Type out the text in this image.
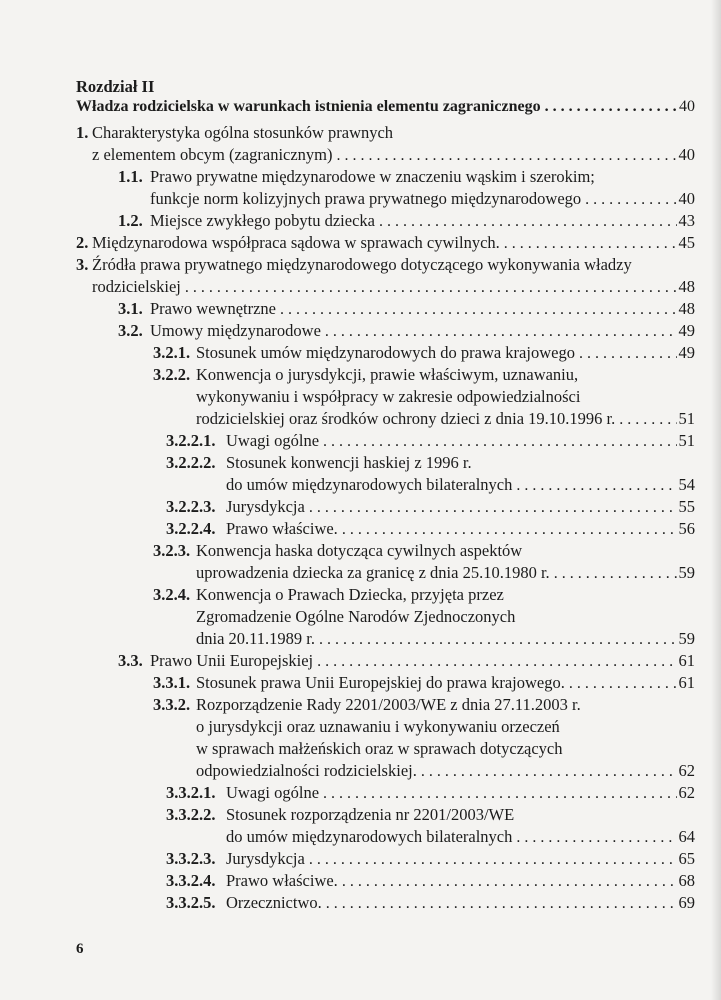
Rozdział II
Władza rodzicielska w warunkach istnienia elementu zagranicznego . . .	40
1. Charakterystyka ogólna stosunków prawnych
z elementem obcym (zagranicznym) . . .	40
1.1. Prawo prywatne międzynarodowe w znaczeniu wąskim i szerokim;
funkcje norm kolizyjnych prawa prywatnego międzynarodowego . . .	40
1.2. Miejsce zwykłego pobytu dziecka . . .	43
2. Międzynarodowa współpraca sądowa w sprawach cywilnych. . . .	45
3. Źródła prawa prywatnego międzynarodowego dotyczącego wykonywania władzy
rodzicielskiej . . .	48
3.1. Prawo wewnętrzne . . .	48
3.2. Umowy międzynarodowe . . .	49
3.2.1. Stosunek umów międzynarodowych do prawa krajowego . . .	49
3.2.2. Konwencja o jurysdykcji, prawie właściwym, uznawaniu,
wykonywaniu i współpracy w zakresie odpowiedzialności
rodzicielskiej oraz środków ochrony dzieci z dnia 19.10.1996 r. . . .	51
3.2.2.1. Uwagi ogólne . . .	51
3.2.2.2. Stosunek konwencji haskiej z 1996 r.
do umów międzynarodowych bilateralnych . . .	54
3.2.2.3. Jurysdykcja . . .	55
3.2.2.4. Prawo właściwe. . . .	56
3.2.3. Konwencja haska dotycząca cywilnych aspektów
uprowadzenia dziecka za granicę z dnia 25.10.1980 r. . . .	59
3.2.4. Konwencja o Prawach Dziecka, przyjęta przez
Zgromadzenie Ogólne Narodów Zjednoczonych
dnia 20.11.1989 r. . . .	59
3.3. Prawo Unii Europejskiej . . .	61
3.3.1. Stosunek prawa Unii Europejskiej do prawa krajowego. . . .	61
3.3.2. Rozporządzenie Rady 2201/2003/WE z dnia 27.11.2003 r.
o jurysdykcji oraz uznawaniu i wykonywaniu orzeczeń
w sprawach małżeńskich oraz w sprawach dotyczących
odpowiedzialności rodzicielskiej. . . .	62
3.3.2.1. Uwagi ogólne . . .	62
3.3.2.2. Stosunek rozporządzenia nr 2201/2003/WE
do umów międzynarodowych bilateralnych . . .	64
3.3.2.3. Jurysdykcja . . .	65
3.3.2.4. Prawo właściwe. . . .	68
3.3.2.5. Orzecznictwo. . . .	69
6
